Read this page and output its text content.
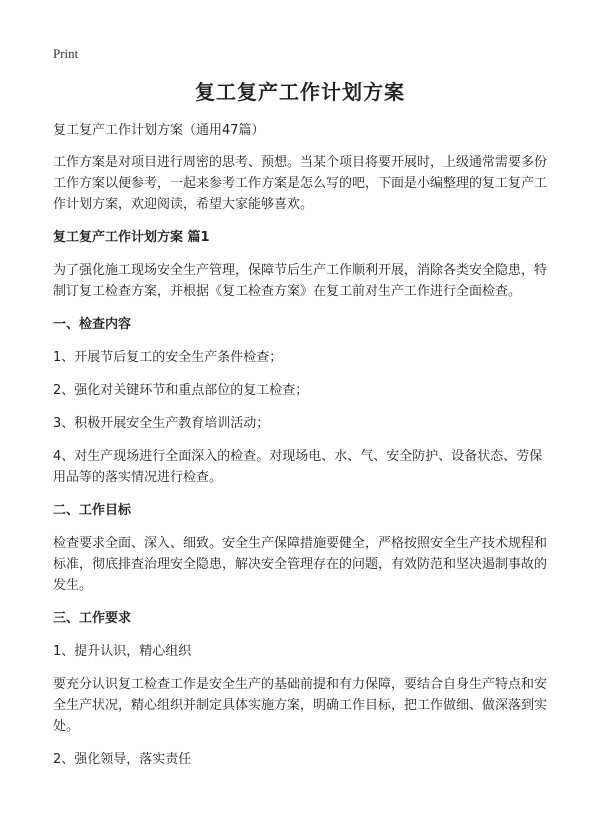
Print
复工复产工作计划方案

复工复产工作计划方案（通用47篇）

工作方案是对项目进行周密的思考、预想。当某个项目将要开展时，上级通常需要多份工作方案以便参考，一起来参考工作方案是怎么写的吧，下面是小编整理的复工复产工作计划方案，欢迎阅读，希望大家能够喜欢。

复工复产工作计划方案 篇1

为了强化施工现场安全生产管理，保障节后生产工作顺利开展，消除各类安全隐患，特制订复工检查方案，并根据《复工检查方案》在复工前对生产工作进行全面检查。

一、检查内容

1、开展节后复工的安全生产条件检查；

2、强化对关键环节和重点部位的复工检查；

3、积极开展安全生产教育培训活动；

4、对生产现场进行全面深入的检查。对现场电、水、气、安全防护、设备状态、劳保用品等的落实情况进行检查。

二、工作目标

检查要求全面、深入、细致。安全生产保障措施要健全，严格按照安全生产技术规程和标准，彻底排查治理安全隐患，解决安全管理存在的问题，有效防范和坚决遏制事故的发生。

三、工作要求

1、提升认识，精心组织

要充分认识复工检查工作是安全生产的基础前提和有力保障，要结合自身生产特点和安全生产状况，精心组织并制定具体实施方案，明确工作目标，把工作做细、做深落到实处。

2、强化领导，落实责任
